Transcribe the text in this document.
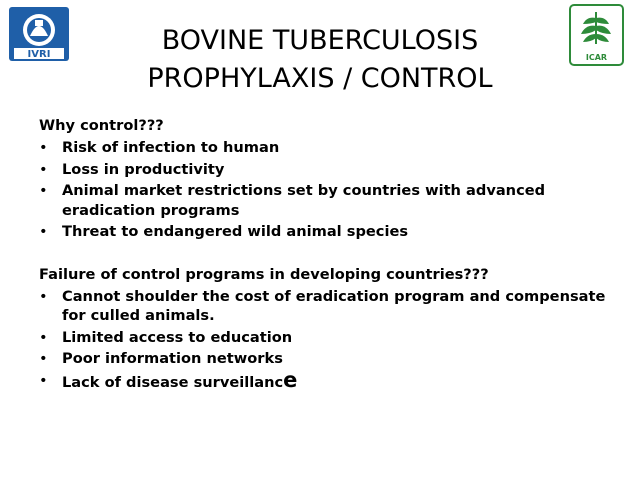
IVRI	ICAR
BOVINE TUBERCULOSIS
PROPHYLAXIS / CONTROL
Why control???
• Risk of infection to human
• Loss in productivity
• Animal market restrictions set by countries with advanced eradication programs
• Threat to endangered wild animal species
Failure of control programs in developing countries???
• Cannot shoulder the cost of eradication program and compensate for culled animals.
• Limited access to education
• Poor information networks
• Lack of disease surveillance
